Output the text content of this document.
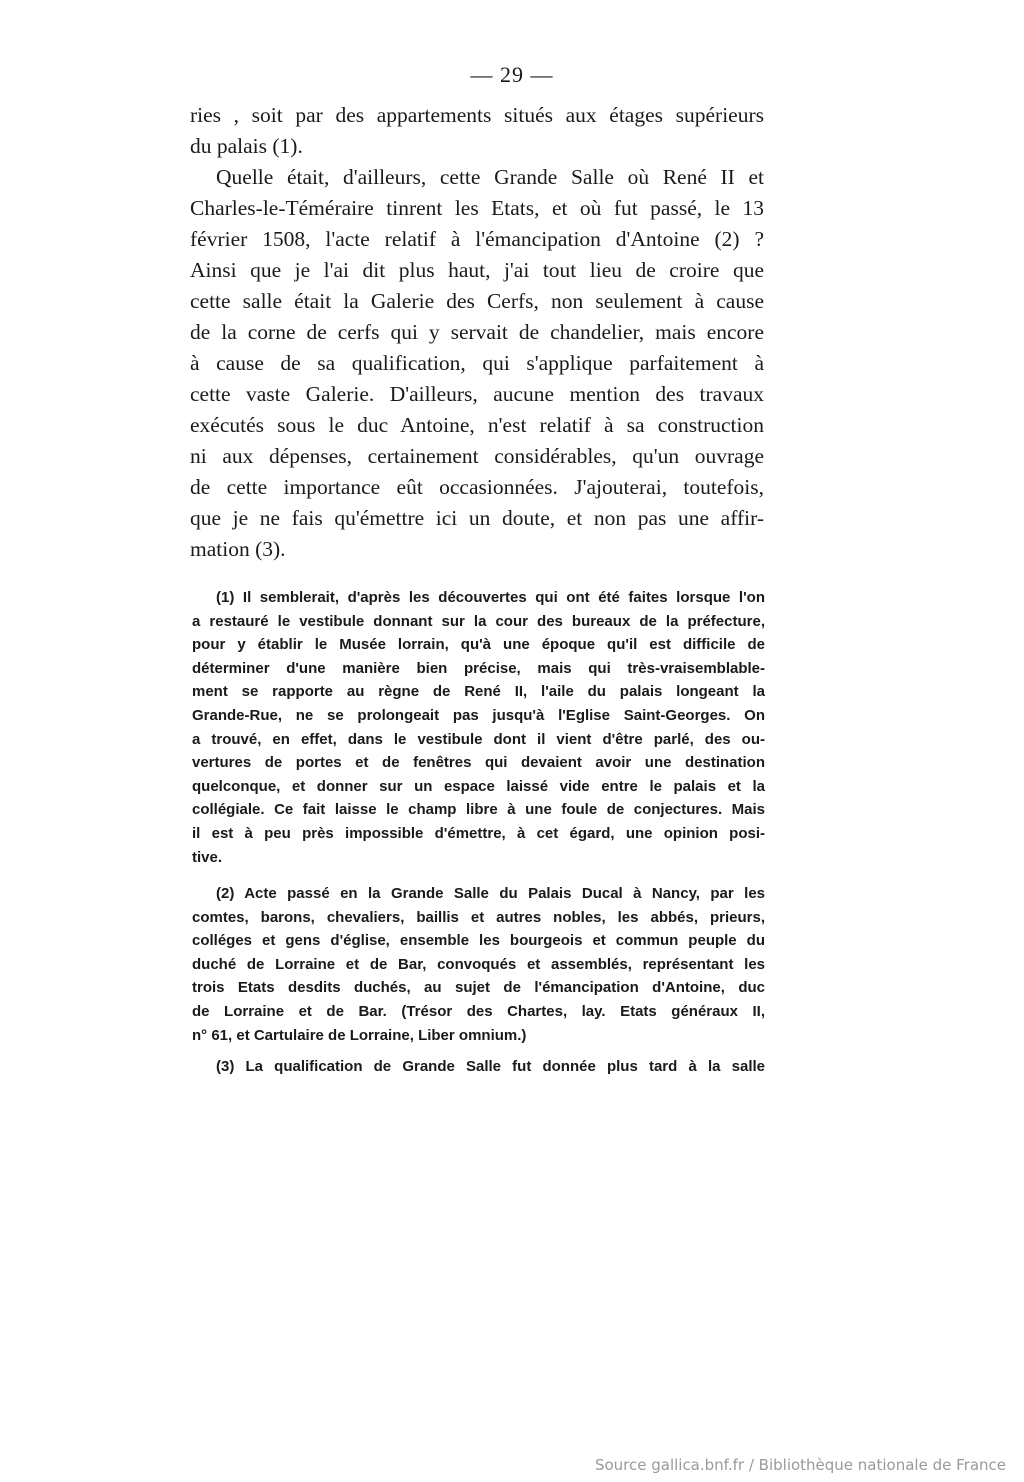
— 29 —
ries , soit par des appartements situés aux étages supérieurs
du palais (1).
Quelle était, d'ailleurs, cette Grande Salle où René II et
Charles-le-Téméraire tinrent les Etats, et où fut passé, le 13
février 1508, l'acte relatif à l'émancipation d'Antoine (2) ?
Ainsi que je l'ai dit plus haut, j'ai tout lieu de croire que
cette salle était la Galerie des Cerfs, non seulement à cause
de la corne de cerfs qui y servait de chandelier, mais encore
à cause de sa qualification, qui s'applique parfaitement à
cette vaste Galerie. D'ailleurs, aucune mention des travaux
exécutés sous le duc Antoine, n'est relatif à sa construction
ni aux dépenses, certainement considérables, qu'un ouvrage
de cette importance eût occasionnées. J'ajouterai, toutefois,
que je ne fais qu'émettre ici un doute, et non pas une affir-
mation (3).
(1) Il semblerait, d'après les découvertes qui ont été faites lorsque l'on
a restauré le vestibule donnant sur la cour des bureaux de la préfecture,
pour y établir le Musée lorrain, qu'à une époque qu'il est difficile de
déterminer d'une manière bien précise, mais qui très-vraisemblable-
ment se rapporte au règne de René II, l'aile du palais longeant la
Grande-Rue, ne se prolongeait pas jusqu'à l'Eglise Saint-Georges. On
a trouvé, en effet, dans le vestibule dont il vient d'être parlé, des ou-
vertures de portes et de fenêtres qui devaient avoir une destination
quelconque, et donner sur un espace laissé vide entre le palais et la
collégiale. Ce fait laisse le champ libre à une foule de conjectures. Mais
il est à peu près impossible d'émettre, à cet égard, une opinion posi-
tive.
(2) Acte passé en la Grande Salle du Palais Ducal à Nancy, par les
comtes, barons, chevaliers, baillis et autres nobles, les abbés, prieurs,
colléges et gens d'église, ensemble les bourgeois et commun peuple du
duché de Lorraine et de Bar, convoqués et assemblés, représentant les
trois Etats desdits duchés, au sujet de l'émancipation d'Antoine, duc
de Lorraine et de Bar. (Trésor des Chartes, lay. Etats généraux II,
n° 61, et Cartulaire de Lorraine, Liber omnium.)
(3) La qualification de Grande Salle fut donnée plus tard à la salle
Source gallica.bnf.fr / Bibliothèque nationale de France
